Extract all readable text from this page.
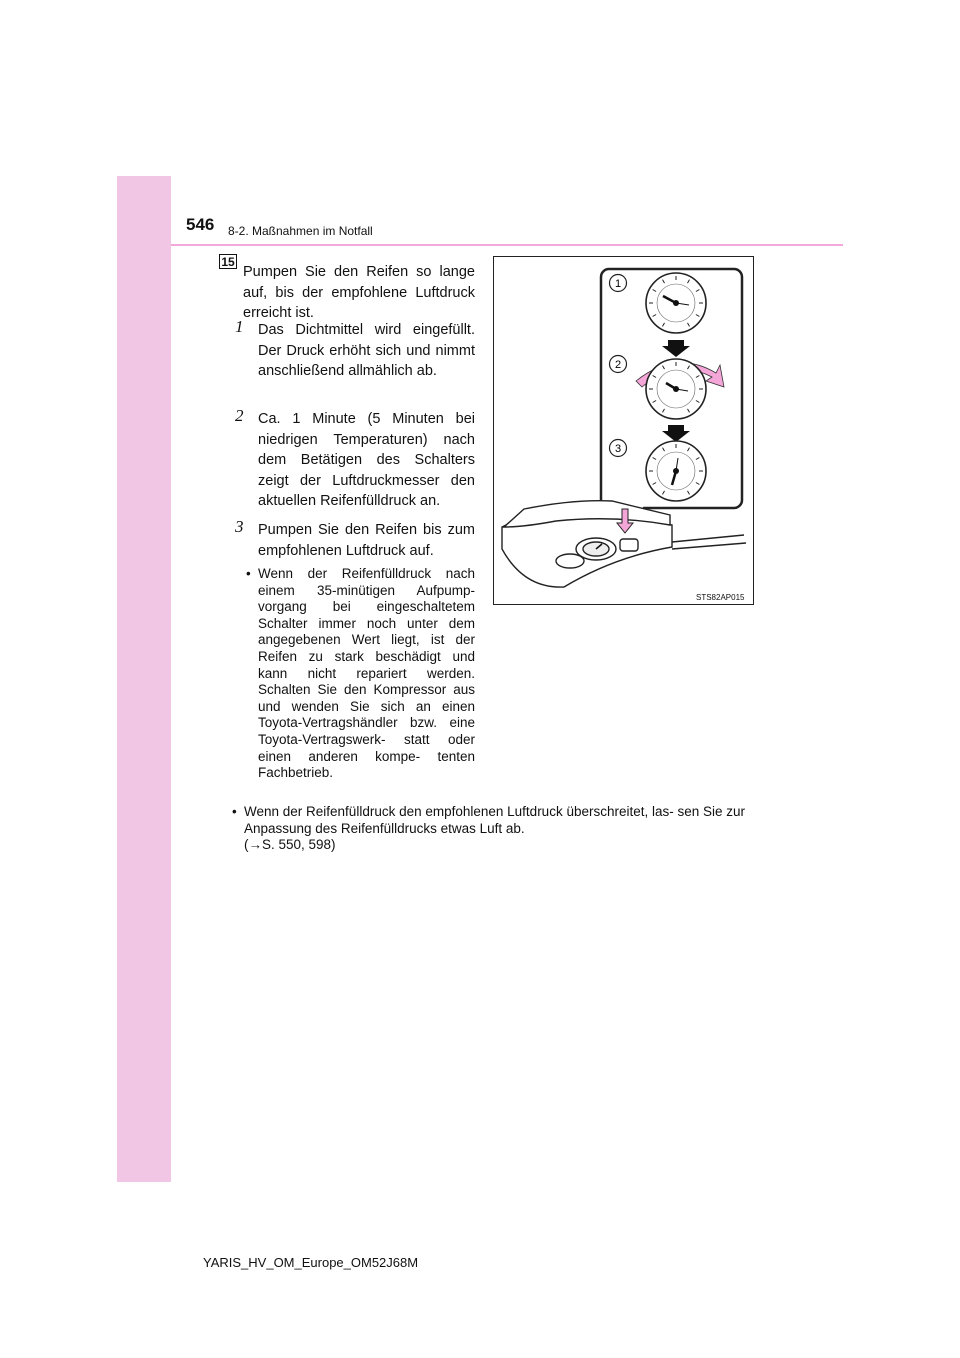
546 8-2. Maßnahmen im Notfall
15
Pumpen Sie den Reifen so lange auf, bis der empfohlene Luftdruck erreicht ist.
1 Das Dichtmittel wird eingefüllt. Der Druck erhöht sich und nimmt anschließend allmählich ab.
2 Ca. 1 Minute (5 Minuten bei niedrigen Temperaturen) nach dem Betätigen des Schalters zeigt der Luftdruckmesser den aktuellen Reifenfülldruck an.
3 Pumpen Sie den Reifen bis zum empfohlenen Luftdruck auf.
• Wenn der Reifenfülldruck nach einem 35-minütigen Aufpump- vorgang bei eingeschaltetem Schalter immer noch unter dem angegebenen Wert liegt, ist der Reifen zu stark beschädigt und kann nicht repariert werden. Schalten Sie den Kompressor aus und wenden Sie sich an einen Toyota-Vertragshändler bzw. eine Toyota-Vertragswerk- statt oder einen anderen kompe- tenten Fachbetrieb.
• Wenn der Reifenfülldruck den empfohlenen Luftdruck überschreitet, las- sen Sie zur Anpassung des Reifenfülldrucks etwas Luft ab.
(→S. 550, 598)
1
2
3
STS82AP015
YARIS_HV_OM_Europe_OM52J68M
